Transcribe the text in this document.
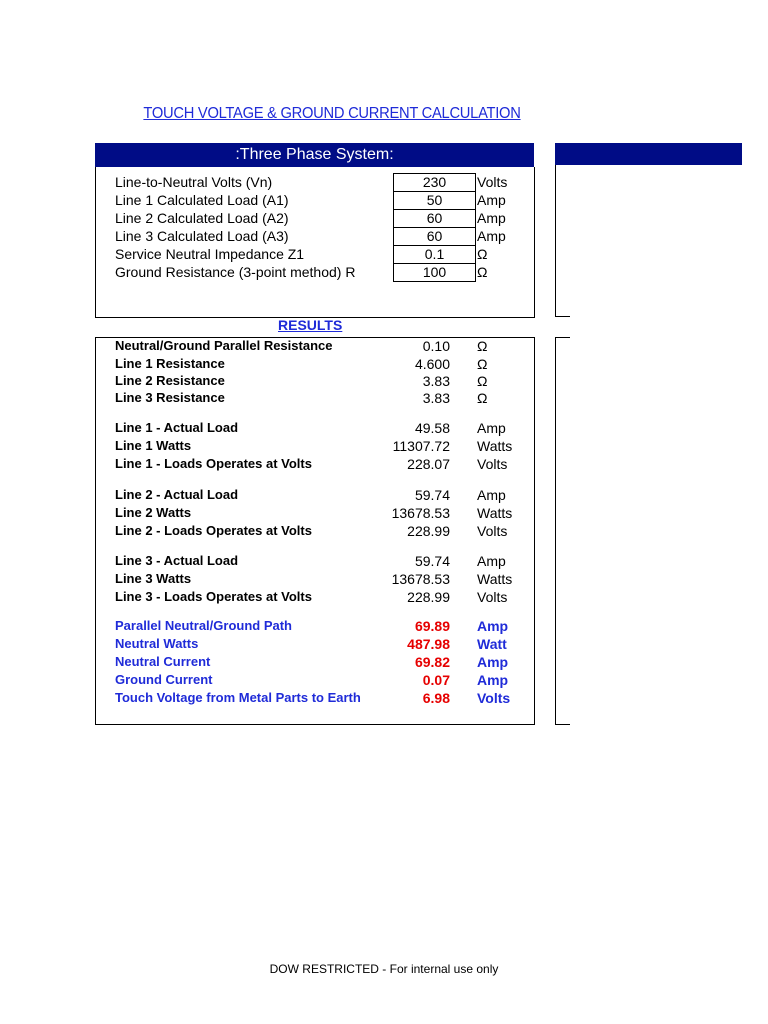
TOUCH VOLTAGE & GROUND CURRENT CALCULATION
:Three Phase System:
Line-to-Neutral Volts (Vn)	230	Volts
Line 1 Calculated Load (A1)	50	Amp
Line 2 Calculated Load (A2)	60	Amp
Line 3 Calculated Load (A3)	60	Amp
Service Neutral Impedance Z1	0.1	Ω
Ground Resistance (3-point method) R	100	Ω
RESULTS
Neutral/Ground Parallel Resistance	0.10 Ω
Line 1 Resistance	4.600 Ω
Line 2 Resistance	3.83 Ω
Line 3 Resistance	3.83 Ω
Line 1 - Actual Load	49.58 Amp
Line 1 Watts	11307.72 Watts
Line 1 - Loads Operates at Volts	228.07 Volts
Line 2 - Actual Load	59.74 Amp
Line 2 Watts	13678.53 Watts
Line 2 - Loads Operates at Volts	228.99 Volts
Line 3 - Actual Load	59.74 Amp
Line 3 Watts	13678.53 Watts
Line 3 - Loads Operates at Volts	228.99 Volts
Parallel Neutral/Ground Path	69.89 Amp
Neutral Watts	487.98 Watt
Neutral Current	69.82 Amp
Ground Current	0.07 Amp
Touch Voltage from Metal Parts to Earth	6.98 Volts
DOW RESTRICTED - For internal use only
